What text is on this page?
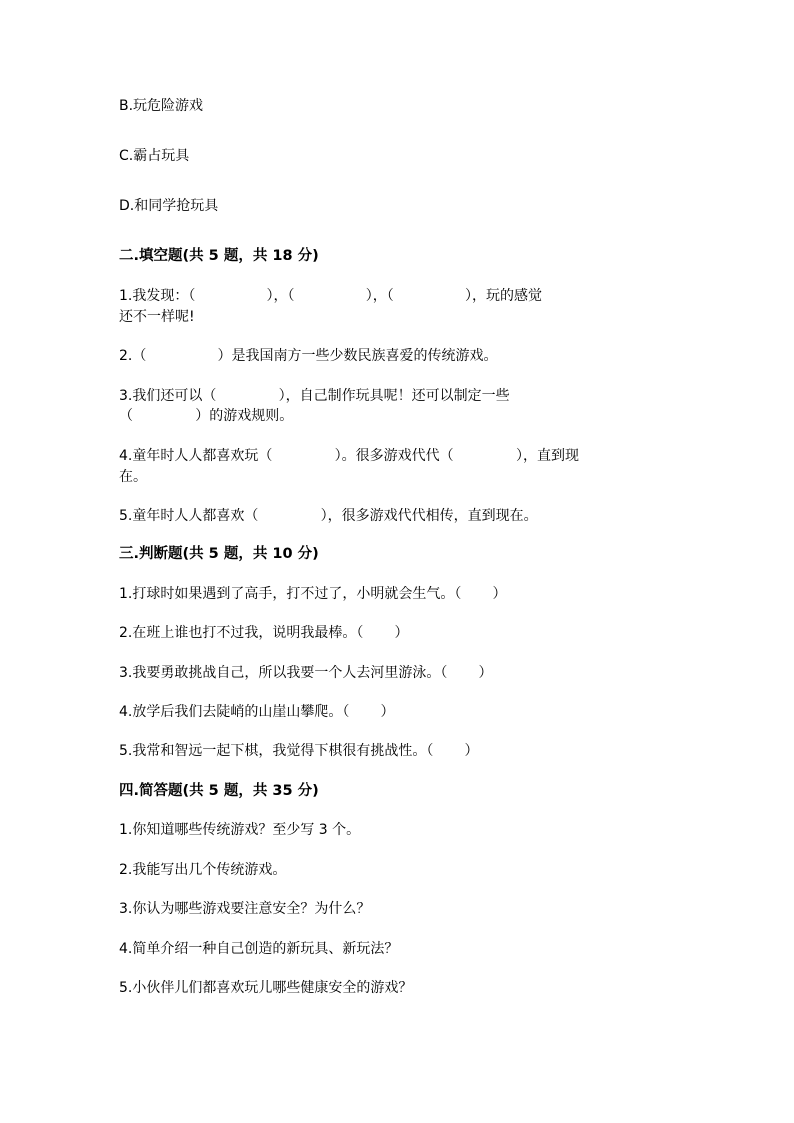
B.玩危险游戏
C.霸占玩具
D.和同学抢玩具
二.填空题(共 5 题，共 18 分)
1.我发现：（                ），（                ），（                ），玩的感觉
还不一样呢!
2.（                ）是我国南方一些少数民族喜爱的传统游戏。
3.我们还可以（              ），自己制作玩具呢！还可以制定一些
（              ）的游戏规则。
4.童年时人人都喜欢玩（              ）。很多游戏代代（              ），直到现
在。
5.童年时人人都喜欢（              ），很多游戏代代相传，直到现在。
三.判断题(共 5 题，共 10 分)
1.打球时如果遇到了高手，打不过了，小明就会生气。（       ）
2.在班上谁也打不过我，说明我最棒。（       ）
3.我要勇敢挑战自己，所以我要一个人去河里游泳。（       ）
4.放学后我们去陡峭的山崖山攀爬。（       ）
5.我常和智远一起下棋，我觉得下棋很有挑战性。（       ）
四.简答题(共 5 题，共 35 分)
1.你知道哪些传统游戏？至少写 3 个。
2.我能写出几个传统游戏。
3.你认为哪些游戏要注意安全？为什么？
4.简单介绍一种自己创造的新玩具、新玩法？
5.小伙伴儿们都喜欢玩儿哪些健康安全的游戏？
